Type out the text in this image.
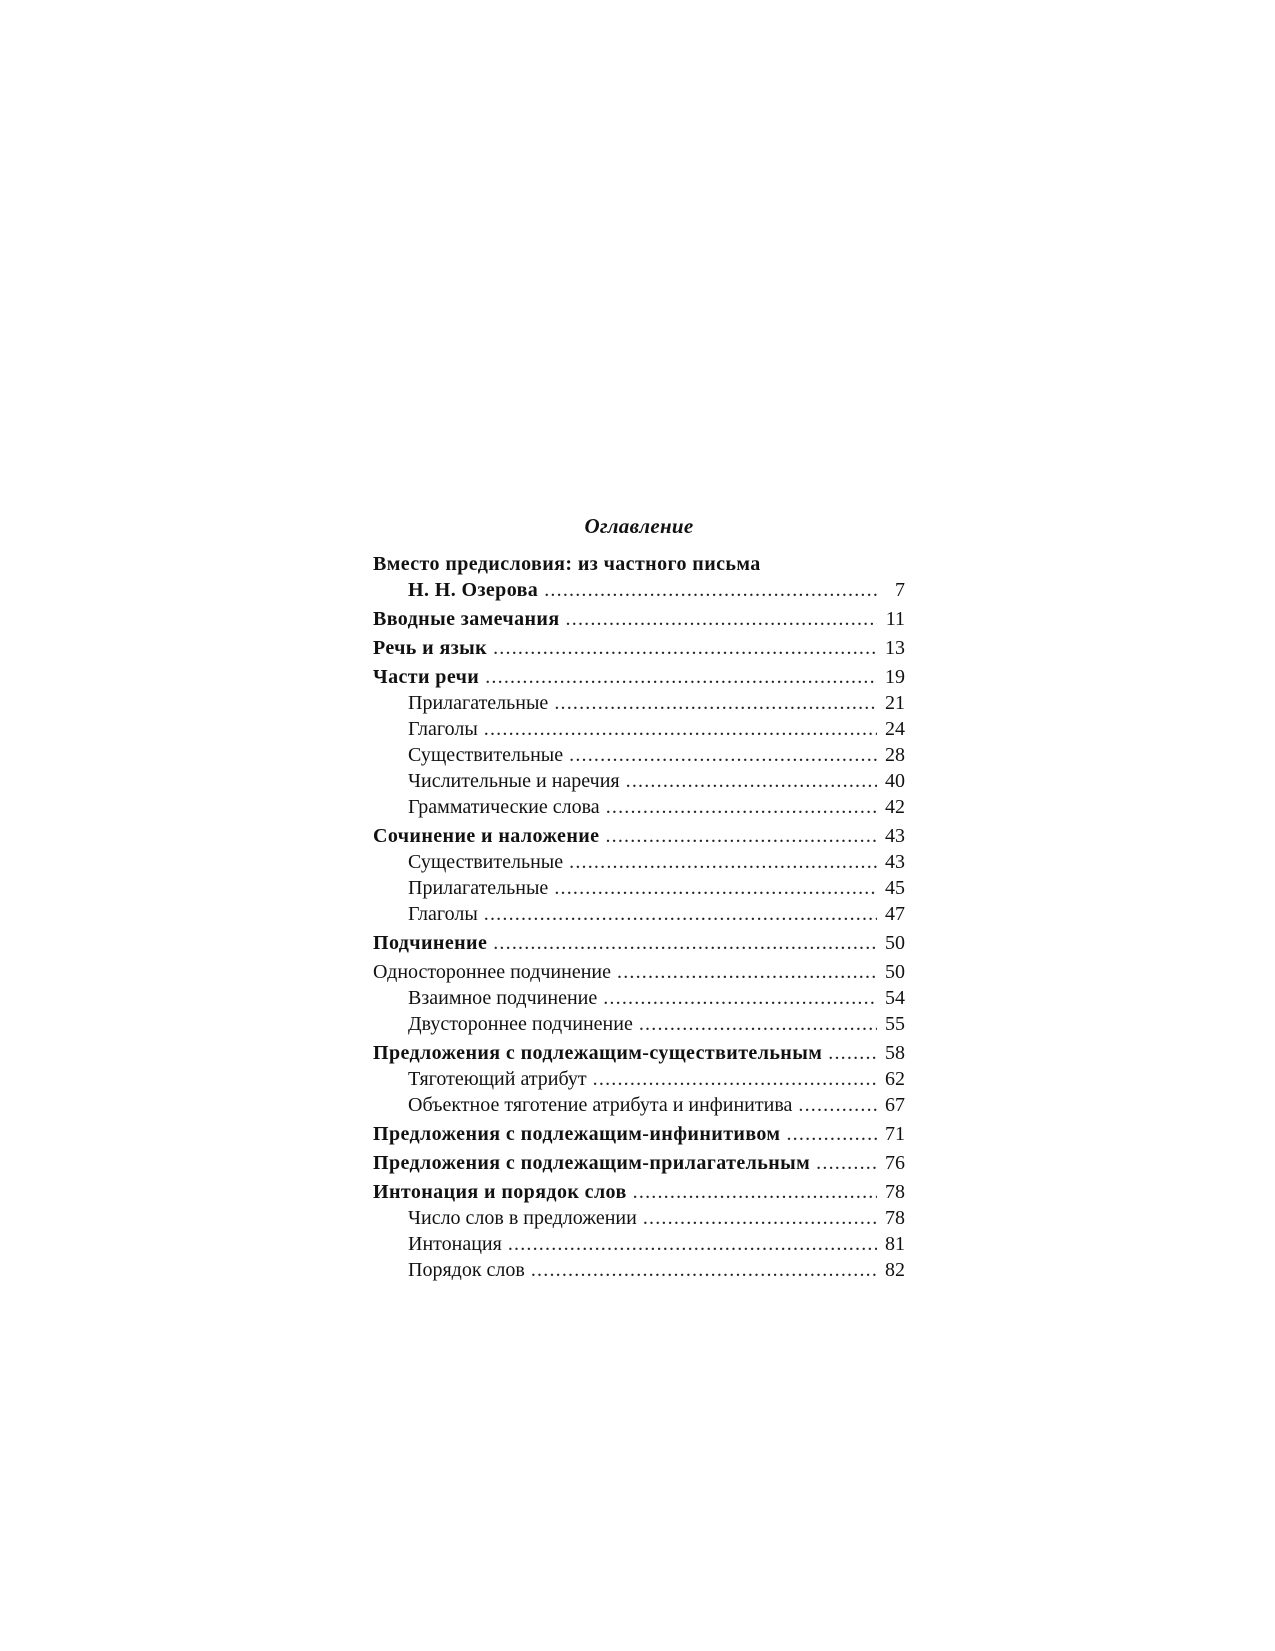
Оглавление
Вместо предисловия: из частного письма
Н. Н. Озерова .....	7
Вводные замечания .....	11
Речь и язык .....	13
Части речи .....	19
Прилагательные .....	21
Глаголы .....	24
Существительные .....	28
Числительные и наречия .....	40
Грамматические слова .....	42
Сочинение и наложение .....	43
Существительные .....	43
Прилагательные .....	45
Глаголы .....	47
Подчинение .....	50
Одностороннее подчинение .....	50
Взаимное подчинение .....	54
Двустороннее подчинение .....	55
Предложения с подлежащим-существительным .....	58
Тяготеющий атрибут .....	62
Объектное тяготение атрибута и инфинитива .....	67
Предложения с подлежащим-инфинитивом .....	71
Предложения с подлежащим-прилагательным .....	76
Интонация и порядок слов .....	78
Число слов в предложении .....	78
Интонация .....	81
Порядок слов .....	82
